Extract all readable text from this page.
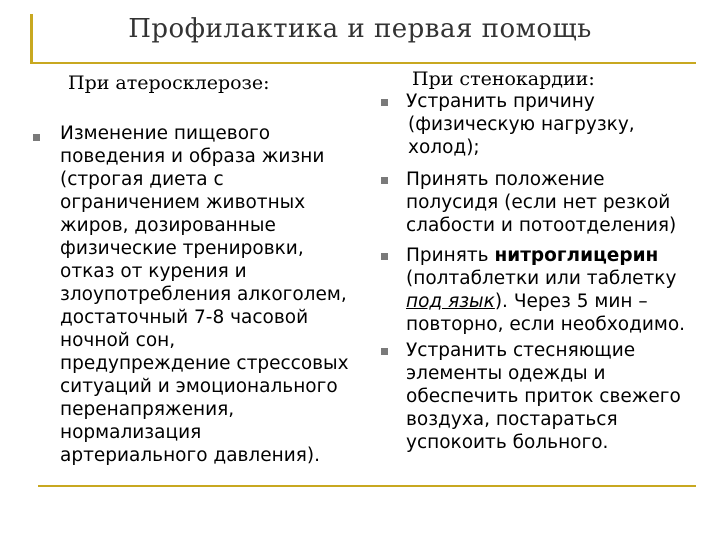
Профилактика и первая помощь
При атеросклерозе:
Изменение пищевого
поведения и образа жизни
(строгая диета с
ограничением животных
жиров, дозированные
физические тренировки,
отказ от курения и
злоупотребления алкоголем,
достаточный 7-8 часовой
ночной сон,
предупреждение стрессовых
ситуаций и эмоционального
перенапряжения,
нормализация
артериального давления).
При стенокардии:
Устранить причину
(физическую нагрузку,
холод);
Принять положение
полусидя (если нет резкой
слабости и потоотделения)
Принять нитроглицерин
(полтаблетки или таблетку
под язык). Через 5 мин –
повторно, если необходимо.
Устранить стесняющие
элементы одежды и
обеспечить приток свежего
воздуха, постараться
успокоить больного.
